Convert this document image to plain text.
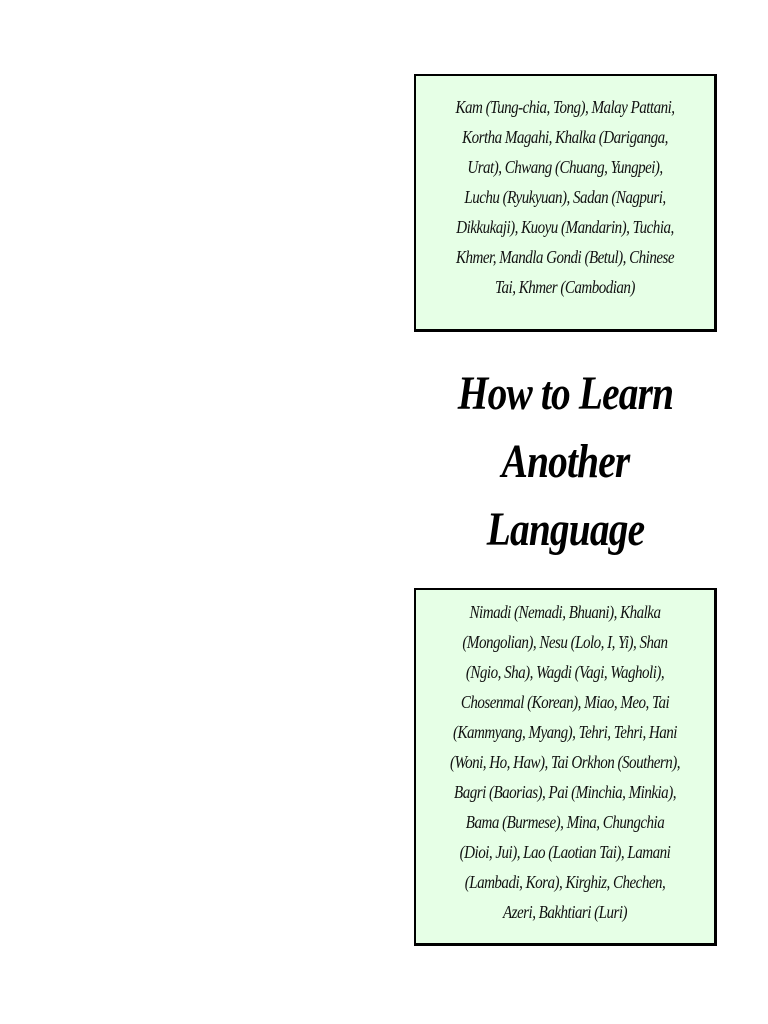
Kam (Tung-chia, Tong), Malay Pattani, Kortha Magahi, Khalka (Dariganga, Urat), Chwang (Chuang, Yungpei), Luchu (Ryukyuan), Sadan (Nagpuri, Dikkukaji), Kuoyu (Mandarin), Tuchia, Khmer, Mandla Gondi (Betul), Chinese Tai, Khmer (Cambodian)

How to Learn
Another
Language

Nimadi (Nemadi, Bhuani), Khalka (Mongolian), Nesu (Lolo, I, Yi), Shan (Ngio, Sha), Wagdi (Vagi, Wagholi), Chosenmal (Korean), Miao, Meo, Tai (Kammyang, Myang), Tehri, Tehri, Hani (Woni, Ho, Haw), Tai Orkhon (Southern), Bagri (Baorias), Pai (Minchia, Minkia), Bama (Burmese), Mina, Chungchia (Dioi, Jui), Lao (Laotian Tai), Lamani (Lambadi, Kora), Kirghiz, Chechen, Azeri, Bakhtiari (Luri)
